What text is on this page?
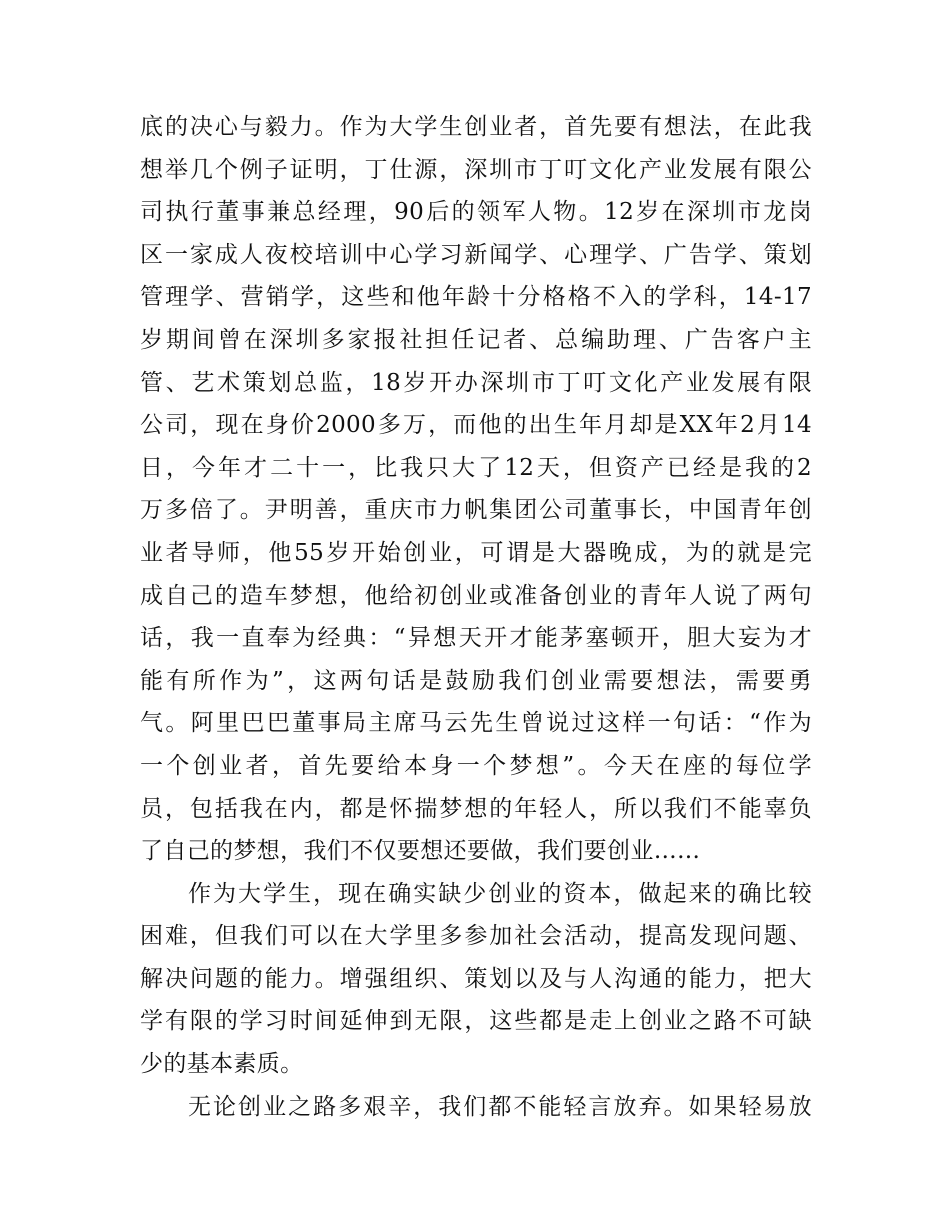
底的决心与毅力。作为大学生创业者，首先要有想法，在此我
想举几个例子证明，丁仕源，深圳市丁叮文化产业发展有限公
司执行董事兼总经理，90后的领军人物。12岁在深圳市龙岗
区一家成人夜校培训中心学习新闻学、心理学、广告学、策划
管理学、营销学，这些和他年龄十分格格不入的学科，14-17
岁期间曾在深圳多家报社担任记者、总编助理、广告客户主
管、艺术策划总监，18岁开办深圳市丁叮文化产业发展有限
公司，现在身价2000多万，而他的出生年月却是XX年2月14
日，今年才二十一，比我只大了12天，但资产已经是我的2
万多倍了。尹明善，重庆市力帆集团公司董事长，中国青年创
业者导师，他55岁开始创业，可谓是大器晚成，为的就是完
成自己的造车梦想，他给初创业或准备创业的青年人说了两句
话，我一直奉为经典：“异想天开才能茅塞顿开，胆大妄为才
能有所作为”，这两句话是鼓励我们创业需要想法，需要勇
气。阿里巴巴董事局主席马云先生曾说过这样一句话：“作为
一个创业者，首先要给本身一个梦想”。今天在座的每位学
员，包括我在内，都是怀揣梦想的年轻人，所以我们不能辜负
了自己的梦想，我们不仅要想还要做，我们要创业……
作为大学生，现在确实缺少创业的资本，做起来的确比较
困难，但我们可以在大学里多参加社会活动，提高发现问题、
解决问题的能力。增强组织、策划以及与人沟通的能力，把大
学有限的学习时间延伸到无限，这些都是走上创业之路不可缺
少的基本素质。
无论创业之路多艰辛，我们都不能轻言放弃。如果轻易放
